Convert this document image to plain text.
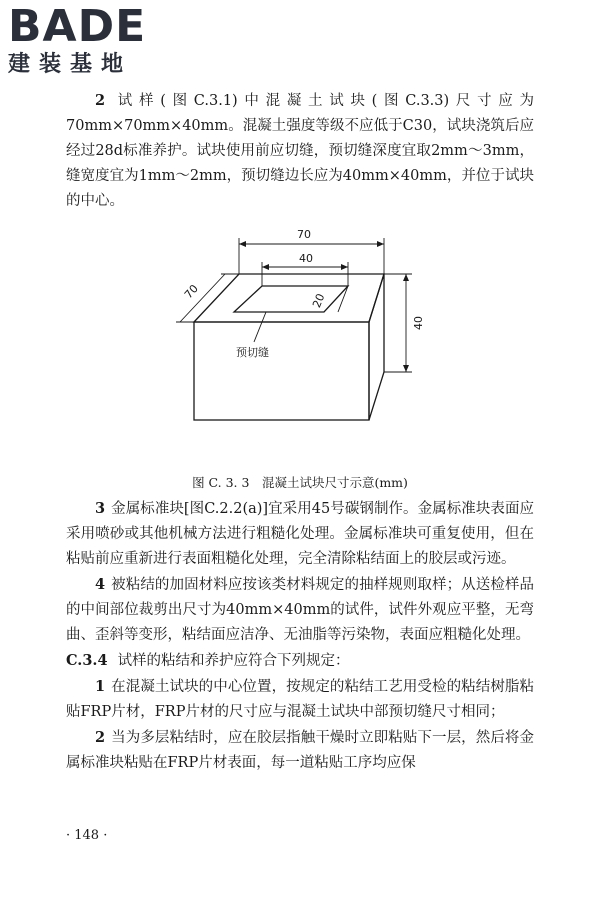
BADE
建装基地

2 试样(图C.3.1)中混凝土试块(图C.3.3)尺寸应为70mm×70mm×40mm。混凝土强度等级不应低于C30，试块浇筑后应经过28d标准养护。试块使用前应切缝，预切缝深度宜取2mm～3mm，缝宽度宜为1mm～2mm，预切缝边长应为40mm×40mm，并位于试块的中心。

70
40
70	20
40
预切缝

图 C. 3. 3　混凝土试块尺寸示意(mm)

3 金属标准块[图C.2.2(a)]宜采用45号碳钢制作。金属标准块表面应采用喷砂或其他机械方法进行粗糙化处理。金属标准块可重复使用，但在粘贴前应重新进行表面粗糙化处理，完全清除粘结面上的胶层或污迹。

4 被粘结的加固材料应按该类材料规定的抽样规则取样；从送检样品的中间部位裁剪出尺寸为40mm×40mm的试件，试件外观应平整，无弯曲、歪斜等变形，粘结面应洁净、无油脂等污染物，表面应粗糙化处理。

C.3.4 试样的粘结和养护应符合下列规定：

1 在混凝土试块的中心位置，按规定的粘结工艺用受检的粘结树脂粘贴FRP片材，FRP片材的尺寸应与混凝土试块中部预切缝尺寸相同；

2 当为多层粘结时，应在胶层指触干燥时立即粘贴下一层，然后将金属标准块粘贴在FRP片材表面，每一道粘贴工序均应保

· 148 ·
